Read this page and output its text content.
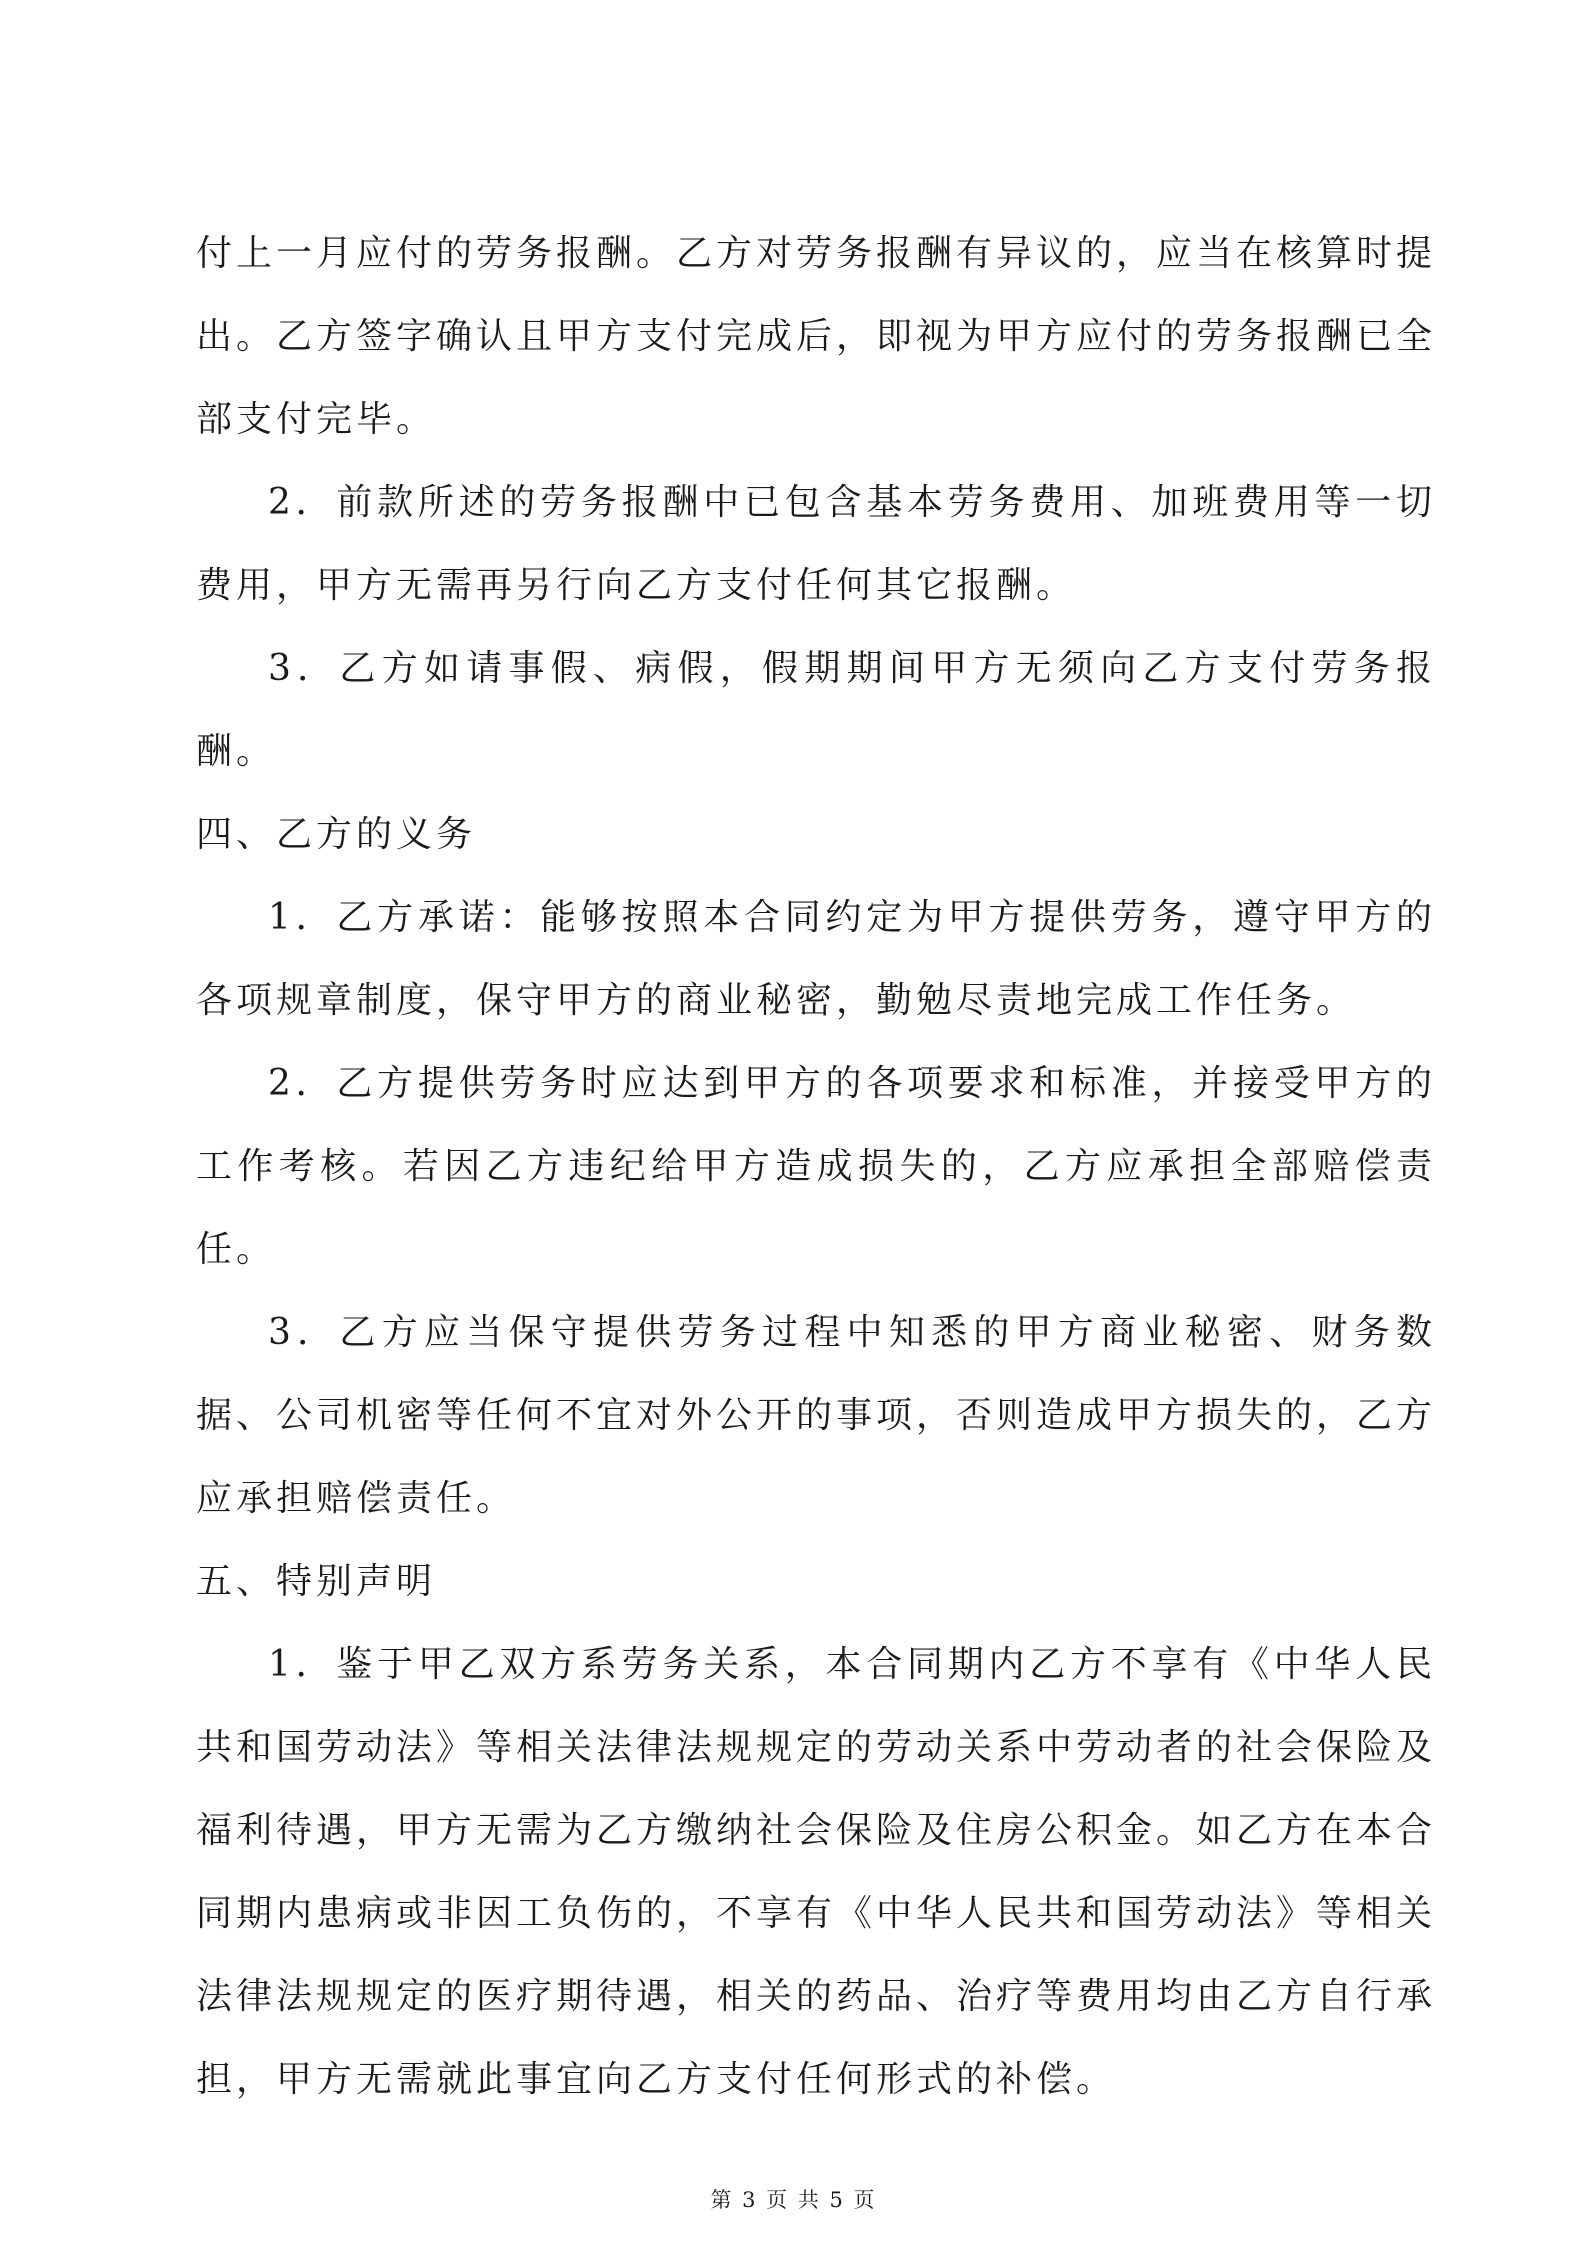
付上一月应付的劳务报酬。乙方对劳务报酬有异议的，应当在核算时提出。乙方签字确认且甲方支付完成后，即视为甲方应付的劳务报酬已全部支付完毕。

2．前款所述的劳务报酬中已包含基本劳务费用、加班费用等一切费用，甲方无需再另行向乙方支付任何其它报酬。

3．乙方如请事假、病假，假期期间甲方无须向乙方支付劳务报酬。

四、乙方的义务

1．乙方承诺：能够按照本合同约定为甲方提供劳务，遵守甲方的各项规章制度，保守甲方的商业秘密，勤勉尽责地完成工作任务。

2．乙方提供劳务时应达到甲方的各项要求和标准，并接受甲方的工作考核。若因乙方违纪给甲方造成损失的，乙方应承担全部赔偿责任。

3．乙方应当保守提供劳务过程中知悉的甲方商业秘密、财务数据、公司机密等任何不宜对外公开的事项，否则造成甲方损失的，乙方应承担赔偿责任。

五、特别声明

1．鉴于甲乙双方系劳务关系，本合同期内乙方不享有《中华人民共和国劳动法》等相关法律法规规定的劳动关系中劳动者的社会保险及福利待遇，甲方无需为乙方缴纳社会保险及住房公积金。如乙方在本合同期内患病或非因工负伤的，不享有《中华人民共和国劳动法》等相关法律法规规定的医疗期待遇，相关的药品、治疗等费用均由乙方自行承担，甲方无需就此事宜向乙方支付任何形式的补偿。

第 3 页 共 5 页
